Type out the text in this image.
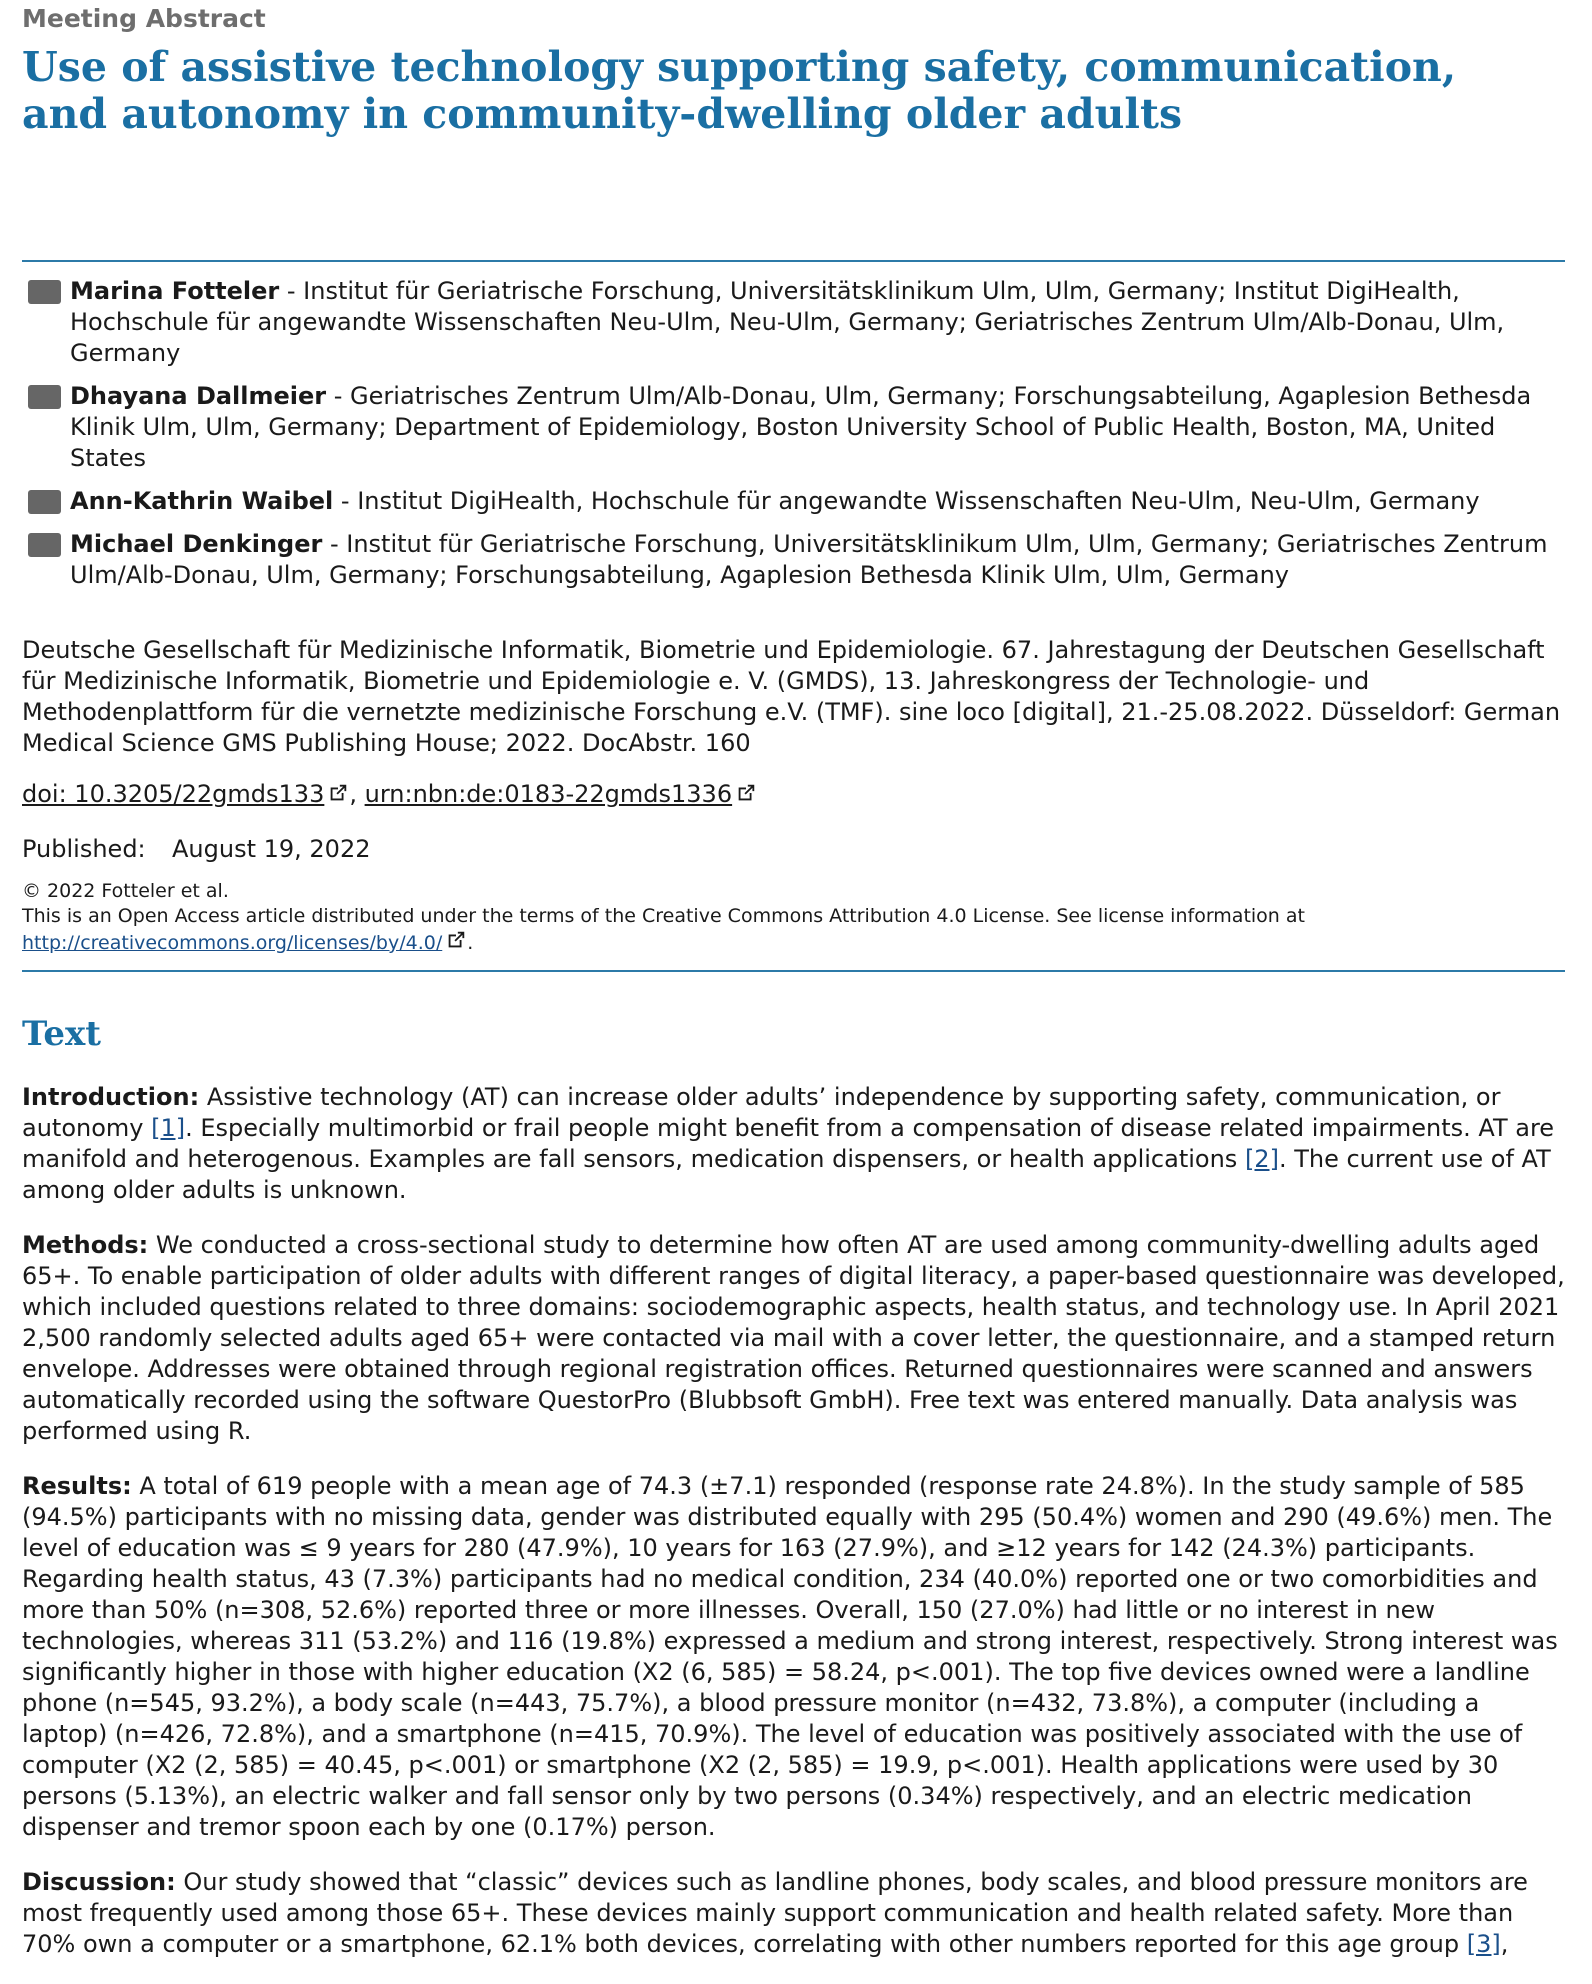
Meeting Abstract
Use of assistive technology supporting safety, communication, and autonomy in community-dwelling older adults
Marina Fotteler - Institut für Geriatrische Forschung, Universitätsklinikum Ulm, Ulm, Germany; Institut DigiHealth, Hochschule für angewandte Wissenschaften Neu-Ulm, Neu-Ulm, Germany; Geriatrisches Zentrum Ulm/Alb-Donau, Ulm, Germany
Dhayana Dallmeier - Geriatrisches Zentrum Ulm/Alb-Donau, Ulm, Germany; Forschungsabteilung, Agaplesion Bethesda Klinik Ulm, Ulm, Germany; Department of Epidemiology, Boston University School of Public Health, Boston, MA, United States
Ann-Kathrin Waibel - Institut DigiHealth, Hochschule für angewandte Wissenschaften Neu-Ulm, Neu-Ulm, Germany
Michael Denkinger - Institut für Geriatrische Forschung, Universitätsklinikum Ulm, Ulm, Germany; Geriatrisches Zentrum Ulm/Alb-Donau, Ulm, Germany; Forschungsabteilung, Agaplesion Bethesda Klinik Ulm, Ulm, Germany
Deutsche Gesellschaft für Medizinische Informatik, Biometrie und Epidemiologie. 67. Jahrestagung der Deutschen Gesellschaft für Medizinische Informatik, Biometrie und Epidemiologie e. V. (GMDS), 13. Jahreskongress der Technologie- und Methodenplattform für die vernetzte medizinische Forschung e.V. (TMF). sine loco [digital], 21.-25.08.2022. Düsseldorf: German Medical Science GMS Publishing House; 2022. DocAbstr. 160
doi: 10.3205/22gmds133 , urn:nbn:de:0183-22gmds1336
Published: August 19, 2022
© 2022 Fotteler et al.
This is an Open Access article distributed under the terms of the Creative Commons Attribution 4.0 License. See license information at
http://creativecommons.org/licenses/by/4.0/ .
Text

Introduction: Assistive technology (AT) can increase older adults’ independence by supporting safety, communication, or autonomy [1]. Especially multimorbid or frail people might benefit from a compensation of disease related impairments. AT are manifold and heterogenous. Examples are fall sensors, medication dispensers, or health applications [2]. The current use of AT among older adults is unknown.

Methods: We conducted a cross-sectional study to determine how often AT are used among community-dwelling adults aged 65+. To enable participation of older adults with different ranges of digital literacy, a paper-based questionnaire was developed, which included questions related to three domains: sociodemographic aspects, health status, and technology use. In April 2021 2,500 randomly selected adults aged 65+ were contacted via mail with a cover letter, the questionnaire, and a stamped return envelope. Addresses were obtained through regional registration offices. Returned questionnaires were scanned and answers automatically recorded using the software QuestorPro (Blubbsoft GmbH). Free text was entered manually. Data analysis was performed using R.

Results: A total of 619 people with a mean age of 74.3 (±7.1) responded (response rate 24.8%). In the study sample of 585 (94.5%) participants with no missing data, gender was distributed equally with 295 (50.4%) women and 290 (49.6%) men. The level of education was ≤ 9 years for 280 (47.9%), 10 years for 163 (27.9%), and ≥12 years for 142 (24.3%) participants. Regarding health status, 43 (7.3%) participants had no medical condition, 234 (40.0%) reported one or two comorbidities and more than 50% (n=308, 52.6%) reported three or more illnesses. Overall, 150 (27.0%) had little or no interest in new technologies, whereas 311 (53.2%) and 116 (19.8%) expressed a medium and strong interest, respectively. Strong interest was significantly higher in those with higher education (X2 (6, 585) = 58.24, p<.001). The top five devices owned were a landline phone (n=545, 93.2%), a body scale (n=443, 75.7%), a blood pressure monitor (n=432, 73.8%), a computer (including a laptop) (n=426, 72.8%), and a smartphone (n=415, 70.9%). The level of education was positively associated with the use of computer (X2 (2, 585) = 40.45, p<.001) or smartphone (X2 (2, 585) = 19.9, p<.001). Health applications were used by 30 persons (5.13%), an electric walker and fall sensor only by two persons (0.34%) respectively, and an electric medication dispenser and tremor spoon each by one (0.17%) person.

Discussion: Our study showed that “classic” devices such as landline phones, body scales, and blood pressure monitors are most frequently used among those 65+. These devices mainly support communication and health related safety. More than 70% own a computer or a smartphone, 62.1% both devices, correlating with other numbers reported for this age group [3],
